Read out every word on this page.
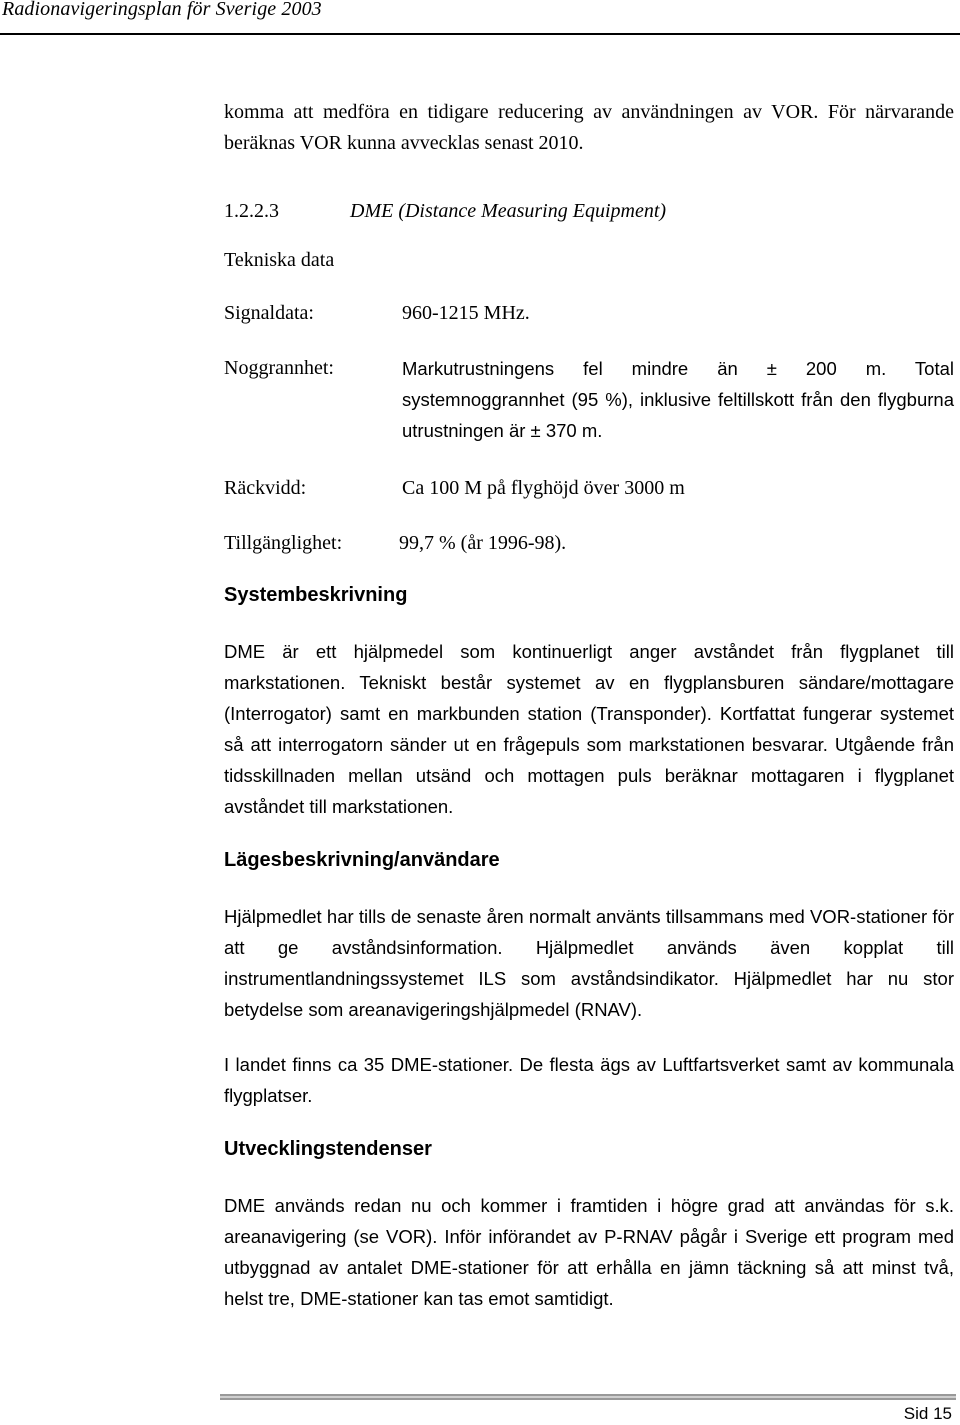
Radionavigeringsplan för Sverige 2003

komma att medföra en tidigare reducering av användningen av VOR. För närvarande beräknas VOR kunna avvecklas senast 2010.

1.2.2.3	DME (Distance Measuring Equipment)
Tekniska data
Signaldata:	960-1215 MHz.
Noggrannhet:	Markutrustningens fel mindre än ± 200 m. Total systemnoggrannhet (95 %), inklusive feltillskott från den flygburna utrustningen är ± 370 m.
Räckvidd:	Ca 100 M på flyghöjd över 3000 m
Tillgänglighet:	99,7 % (år 1996-98).
Systembeskrivning

DME är ett hjälpmedel som kontinuerligt anger avståndet från flygplanet till markstationen. Tekniskt består systemet av en flygplansburen sändare/mottagare (Interrogator) samt en markbunden station (Transponder). Kortfattat fungerar systemet så att interrogatorn sänder ut en frågepuls som markstationen besvarar. Utgående från tidsskillnaden mellan utsänd och mottagen puls beräknar mottagaren i flygplanet avståndet till markstationen.

Lägesbeskrivning/användare

Hjälpmedlet har tills de senaste åren normalt använts tillsammans med VOR-stationer för att ge avståndsinformation. Hjälpmedlet används även kopplat till instrumentlandningssystemet ILS som avståndsindikator. Hjälpmedlet har nu stor betydelse som areanavigeringshjälpmedel (RNAV).

I landet finns ca 35 DME-stationer. De flesta ägs av Luftfartsverket samt av kommunala flygplatser.

Utvecklingstendenser

DME används redan nu och kommer i framtiden i högre grad att användas för s.k. areanavigering (se VOR). Inför införandet av P-RNAV pågår i Sverige ett program med utbyggnad av antalet DME-stationer för att erhålla en jämn täckning så att minst två, helst tre, DME-stationer kan tas emot samtidigt.

Sid 15
